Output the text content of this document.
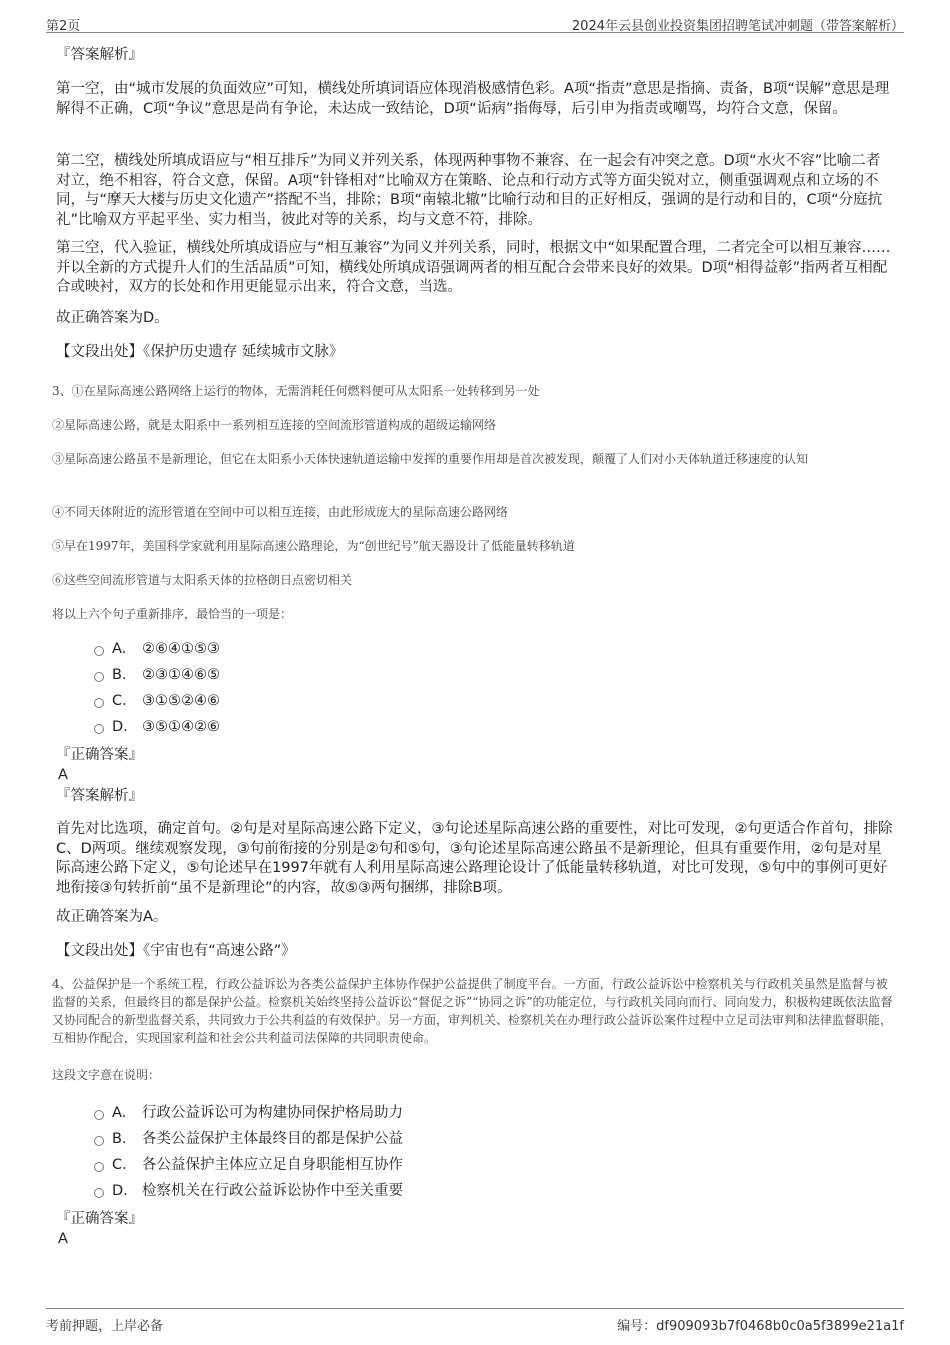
第2页	2024年云县创业投资集团招聘笔试冲刺题（带答案解析）
『答案解析』

第一空，由“城市发展的负面效应”可知，横线处所填词语应体现消极感情色彩。A项“指责”意思是指摘、责备，B项“误解”意思是理解得不正确，C项“争议”意思是尚有争论，未达成一致结论，D项“诟病”指侮辱，后引申为指责或嘲骂，均符合文意，保留。

第二空，横线处所填成语应与“相互排斥”为同义并列关系，体现两种事物不兼容、在一起会有冲突之意。D项“水火不容”比喻二者对立，绝不相容，符合文意，保留。A项“针锋相对”比喻双方在策略、论点和行动方式等方面尖锐对立，侧重强调观点和立场的不同，与“摩天大楼与历史文化遗产”搭配不当，排除；B项“南辕北辙”比喻行动和目的正好相反，强调的是行动和目的，C项“分庭抗礼”比喻双方平起平坐、实力相当，彼此对等的关系，均与文意不符，排除。

第三空，代入验证，横线处所填成语应与“相互兼容”为同义并列关系，同时，根据文中“如果配置合理，二者完全可以相互兼容……并以全新的方式提升人们的生活品质”可知，横线处所填成语强调两者的相互配合会带来良好的效果。D项“相得益彰”指两者互相配合或映衬，双方的长处和作用更能显示出来，符合文意，当选。

故正确答案为D。

【文段出处】《保护历史遗存 延续城市文脉》

3、①在星际高速公路网络上运行的物体，无需消耗任何燃料便可从太阳系一处转移到另一处

②星际高速公路，就是太阳系中一系列相互连接的空间流形管道构成的超级运输网络

③星际高速公路虽不是新理论，但它在太阳系小天体快速轨道运输中发挥的重要作用却是首次被发现，颠覆了人们对小天体轨道迁移速度的认知

④不同天体附近的流形管道在空间中可以相互连接，由此形成庞大的星际高速公路网络

⑤早在1997年，美国科学家就利用星际高速公路理论，为“创世纪号”航天器设计了低能量转移轨道

⑥这些空间流形管道与太阳系天体的拉格朗日点密切相关

将以上六个句子重新排序，最恰当的一项是：

A． ②⑥④①⑤③
B． ②③①④⑥⑤
C． ③①⑤②④⑥
D． ③⑤①④②⑥
『正确答案』
A
『答案解析』

首先对比选项，确定首句。②句是对星际高速公路下定义，③句论述星际高速公路的重要性，对比可发现，②句更适合作首句，排除C、D两项。继续观察发现，③句前衔接的分别是②句和⑤句，③句论述星际高速公路虽不是新理论，但具有重要作用，②句是对星际高速公路下定义，⑤句论述早在1997年就有人利用星际高速公路理论设计了低能量转移轨道，对比可发现，⑤句中的事例可更好地衔接③句转折前“虽不是新理论”的内容，故⑤③两句捆绑，排除B项。

故正确答案为A。

【文段出处】《宇宙也有“高速公路”》

4、公益保护是一个系统工程，行政公益诉讼为各类公益保护主体协作保护公益提供了制度平台。一方面，行政公益诉讼中检察机关与行政机关虽然是监督与被监督的关系，但最终目的都是保护公益。检察机关始终坚持公益诉讼“督促之诉”“协同之诉”的功能定位，与行政机关同向而行、同向发力，积极构建既依法监督又协同配合的新型监督关系，共同致力于公共利益的有效保护。另一方面，审判机关、检察机关在办理行政公益诉讼案件过程中立足司法审判和法律监督职能，互相协作配合，实现国家利益和社会公共利益司法保障的共同职责使命。

这段文字意在说明：

A． 行政公益诉讼可为构建协同保护格局助力
B． 各类公益保护主体最终目的都是保护公益
C． 各公益保护主体应立足自身职能相互协作
D． 检察机关在行政公益诉讼协作中至关重要
『正确答案』
A
考前押题，上岸必备	编号：df909093b7f0468b0c0a5f3899e21a1f
